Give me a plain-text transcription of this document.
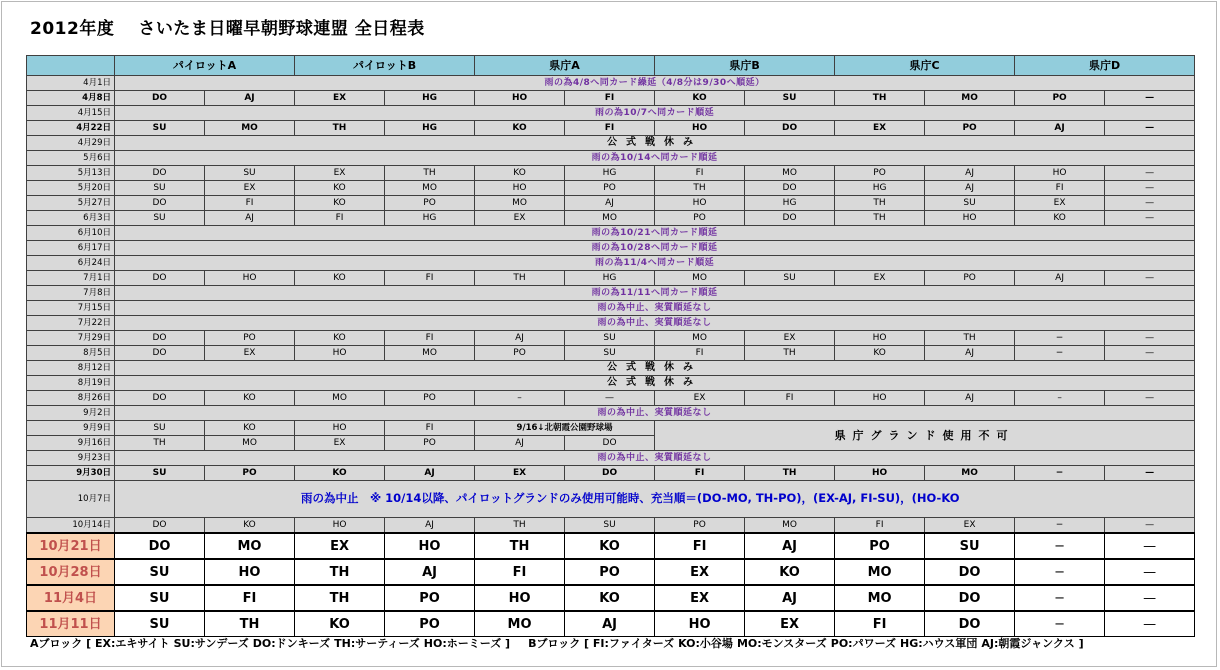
2012年度 さいたま日曜早朝野球連盟 全日程表
	パイロットA		パイロットB		県庁A		県庁B		県庁C		県庁D	
4月1日	雨の為4/8へ同カード繰延（4/8分は9/30へ順延）											
4月8日	DO	AJ	EX	HG	HO	FI	KO	SU	TH	MO	PO	—
4月15日	雨の為10/7へ同カード順延											
4月22日	SU	MO	TH	HG	KO	FI	HO	DO	EX	PO	AJ	—
4月29日	公式戦休み											
5月6日	雨の為10/14へ同カード順延											
5月13日	DO	SU	EX	TH	KO	HG	FI	MO	PO	AJ	HO	—
5月20日	SU	EX	KO	MO	HO	PO	TH	DO	HG	AJ	FI	—
5月27日	DO	FI	KO	PO	MO	AJ	HO	HG	TH	SU	EX	—
6月3日	SU	AJ	FI	HG	EX	MO	PO	DO	TH	HO	KO	—
6月10日	雨の為10/21へ同カード順延											
6月17日	雨の為10/28へ同カード順延											
6月24日	雨の為11/4へ同カード順延											
7月1日	DO	HO	KO	FI	TH	HG	MO	SU	EX	PO	AJ	—
7月8日	雨の為11/11へ同カード順延											
7月15日	雨の為中止、実質順延なし											
7月22日	雨の為中止、実質順延なし											
7月29日	DO	PO	KO	FI	AJ	SU	MO	EX	HO	TH	−	—
8月5日	DO	EX	HO	MO	PO	SU	FI	TH	KO	AJ	−	—
8月12日	公式戦休み											
8月19日	公式戦休み											
8月26日	DO	KO	MO	PO	–	—	EX	FI	HO	AJ	–	—
9月2日	雨の為中止、実質順延なし											
9月9日	SU	KO	HO	FI	9/16↓北朝霞公園野球場		県庁グランド使用不可					
9月16日	TH	MO	EX	PO	AJ	DO						
9月23日	雨の為中止、実質順延なし											
9月30日	SU	PO	KO	AJ	EX	DO	FI	TH	HO	MO	−	—
10月7日	雨の為中止　※ 10/14以降、パイロットグランドのみ使用可能時、充当順＝(DO-MO, TH-PO)，(EX-AJ, FI-SU)，(HO-KO											
10月14日	DO	KO	HO	AJ	TH	SU	PO	MO	FI	EX	−	—
10月21日	DO	MO	EX	HO	TH	KO	FI	AJ	PO	SU	−	—
10月28日	SU	HO	TH	AJ	FI	PO	EX	KO	MO	DO	−	—
11月4日	SU	FI	TH	PO	HO	KO	EX	AJ	MO	DO	−	—
11月11日	SU	TH	KO	PO	MO	AJ	HO	EX	FI	DO	−	—
Aブロック [ EX:エキサイト SU:サンデーズ DO:ドンキーズ TH:サーティーズ HO:ホーミーズ ] Bブロック [ FI:ファイターズ KO:小谷場 MO:モンスターズ PO:パワーズ HG:ハウス軍団 AJ:朝霞ジャンクス ]
